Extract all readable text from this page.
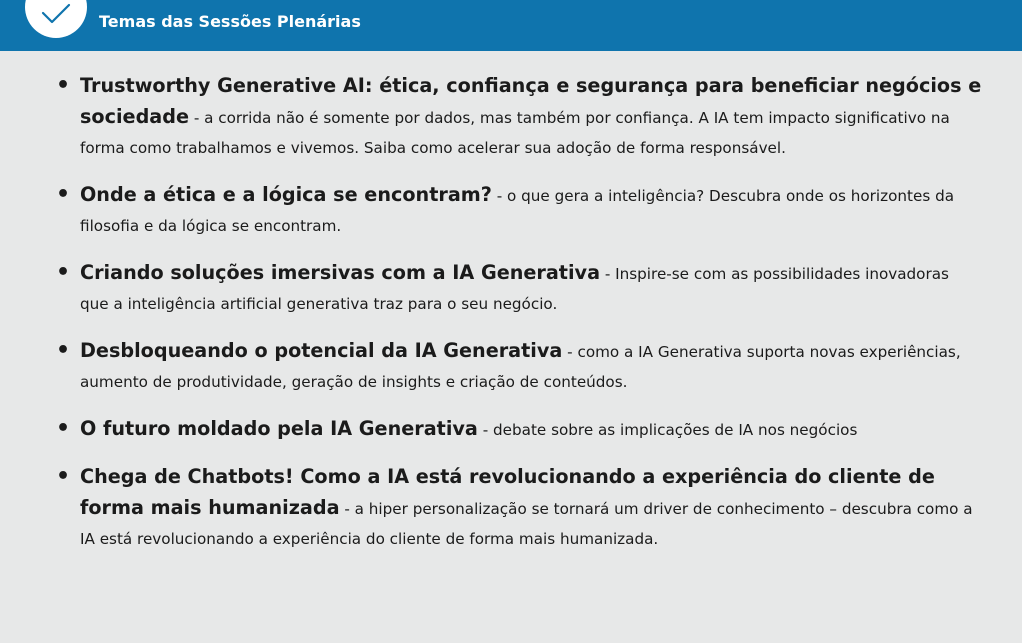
Temas das Sessões Plenárias
• Trustworthy Generative AI: ética, confiança e segurança para beneficiar negócios e sociedade - a corrida não é somente por dados, mas também por confiança. A IA tem impacto significativo na forma como trabalhamos e vivemos. Saiba como acelerar sua adoção de forma responsável.
• Onde a ética e a lógica se encontram? - o que gera a inteligência? Descubra onde os horizontes da filosofia e da lógica se encontram.
• Criando soluções imersivas com a IA Generativa - Inspire-se com as possibilidades inovadoras que a inteligência artificial generativa traz para o seu negócio.
• Desbloqueando o potencial da IA Generativa - como a IA Generativa suporta novas experiências, aumento de produtividade, geração de insights e criação de conteúdos.
• O futuro moldado pela IA Generativa - debate sobre as implicações de IA nos negócios
• Chega de Chatbots! Como a IA está revolucionando a experiência do cliente de forma mais humanizada - a hiper personalização se tornará um driver de conhecimento – descubra como a IA está revolucionando a experiência do cliente de forma mais humanizada.
